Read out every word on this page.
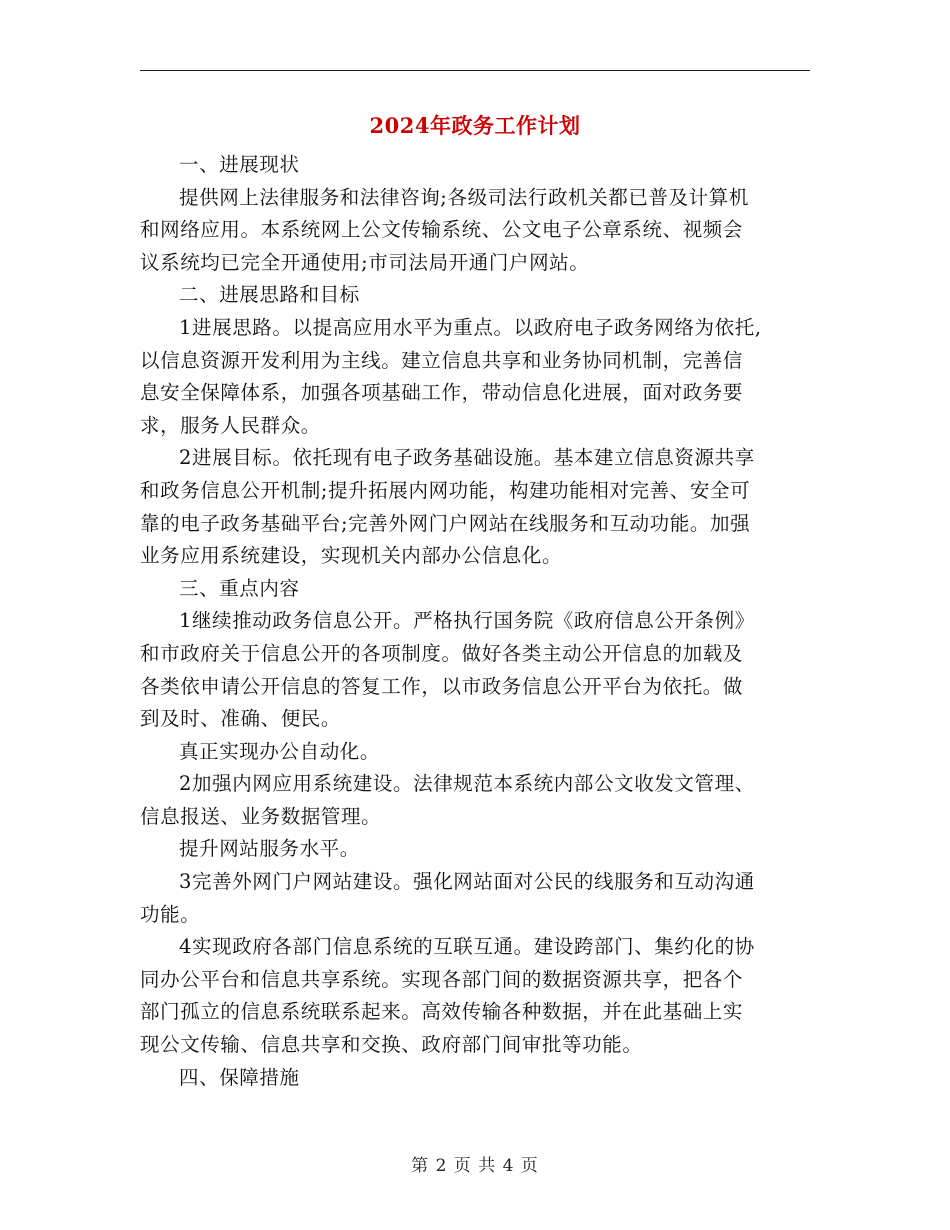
2024年政务工作计划

一、进展现状

提供网上法律服务和法律咨询;各级司法行政机关都已普及计算机
和网络应用。本系统网上公文传输系统、公文电子公章系统、视频会
议系统均已完全开通使用;市司法局开通门户网站。

二、进展思路和目标

1进展思路。以提高应用水平为重点。以政府电子政务网络为依托,
以信息资源开发利用为主线。建立信息共享和业务协同机制，完善信
息安全保障体系，加强各项基础工作，带动信息化进展，面对政务要
求，服务人民群众。

2进展目标。依托现有电子政务基础设施。基本建立信息资源共享
和政务信息公开机制;提升拓展内网功能，构建功能相对完善、安全可
靠的电子政务基础平台;完善外网门户网站在线服务和互动功能。加强
业务应用系统建设，实现机关内部办公信息化。

三、重点内容

1继续推动政务信息公开。严格执行国务院《政府信息公开条例》
和市政府关于信息公开的各项制度。做好各类主动公开信息的加载及
各类依申请公开信息的答复工作，以市政务信息公开平台为依托。做
到及时、准确、便民。

真正实现办公自动化。

2加强内网应用系统建设。法律规范本系统内部公文收发文管理、
信息报送、业务数据管理。

提升网站服务水平。

3完善外网门户网站建设。强化网站面对公民的线服务和互动沟通
功能。

4实现政府各部门信息系统的互联互通。建设跨部门、集约化的协
同办公平台和信息共享系统。实现各部门间的数据资源共享，把各个
部门孤立的信息系统联系起来。高效传输各种数据，并在此基础上实
现公文传输、信息共享和交换、政府部门间审批等功能。

四、保障措施

第 2 页 共 4 页
